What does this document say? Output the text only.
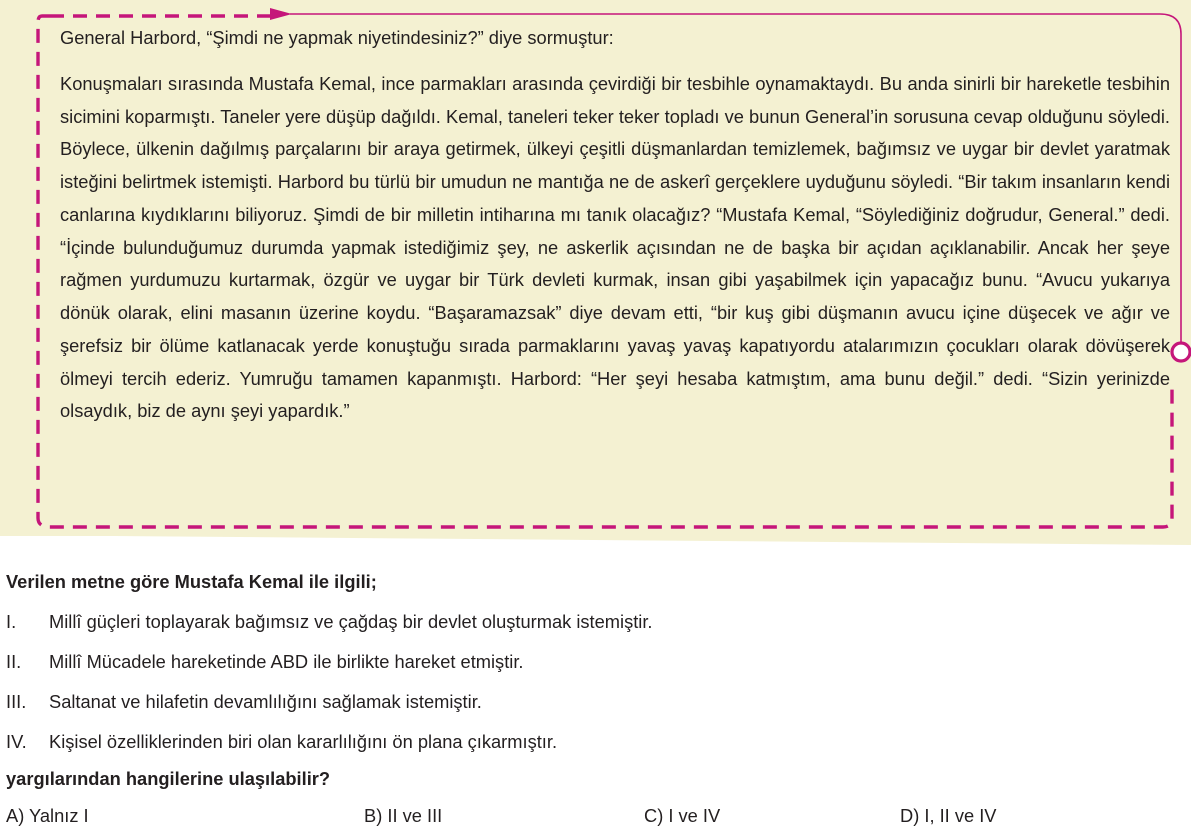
General Harbord, “Şimdi ne yapmak niyetindesiniz?” diye sormuştur:

Konuşmaları sırasında Mustafa Kemal, ince parmakları arasında çevirdiği bir tesbihle oynamaktaydı. Bu anda sinirli bir hareketle tesbihin sicimini koparmıştı. Taneler yere düşüp dağıldı. Kemal, taneleri teker teker topladı ve bunun General’in sorusuna cevap olduğunu söyledi. Böylece, ülkenin dağılmış parçalarını bir araya getirmek, ülkeyi çeşitli düşmanlardan temizlemek, bağımsız ve uygar bir devlet yaratmak isteğini belirtmek istemişti. Harbord bu türlü bir umudun ne mantığa ne de askerî gerçeklere uyduğunu söyledi. “Bir takım insanların kendi canlarına kıydıklarını biliyoruz. Şimdi de bir milletin intiharına mı tanık olacağız? “Mustafa Kemal, “Söylediğiniz doğrudur, General.” dedi. “İçinde bulunduğumuz durumda yapmak istediğimiz şey, ne askerlik açısından ne de başka bir açıdan açıklanabilir. Ancak her şeye rağmen yurdumuzu kurtarmak, özgür ve uygar bir Türk devleti kurmak, insan gibi yaşabilmek için yapacağız bunu. “Avucu yukarıya dönük olarak, elini masanın üzerine koydu. “Başaramazsak” diye devam etti, “bir kuş gibi düşmanın avucu içine düşecek ve ağır ve şerefsiz bir ölüme katlanacak yerde konuştuğu sırada parmaklarını yavaş yavaş kapatıyordu atalarımızın çocukları olarak dövüşerek ölmeyi tercih ederiz. Yumruğu tamamen kapanmıştı. Harbord: “Her şeyi hesaba katmıştım, ama bunu değil.” dedi. “Sizin yerinizde olsaydık, biz de aynı şeyi yapardık.”

Verilen metne göre Mustafa Kemal ile ilgili;
I.	Millî güçleri toplayarak bağımsız ve çağdaş bir devlet oluşturmak istemiştir.
II.	Millî Mücadele hareketinde ABD ile birlikte hareket etmiştir.
III.	Saltanat ve hilafetin devamlılığını sağlamak istemiştir.
IV.	Kişisel özelliklerinden biri olan kararlılığını ön plana çıkarmıştır.
yargılarından hangilerine ulaşılabilir?
A) Yalnız I	B) II ve III	C) I ve IV	D) I, II ve IV
